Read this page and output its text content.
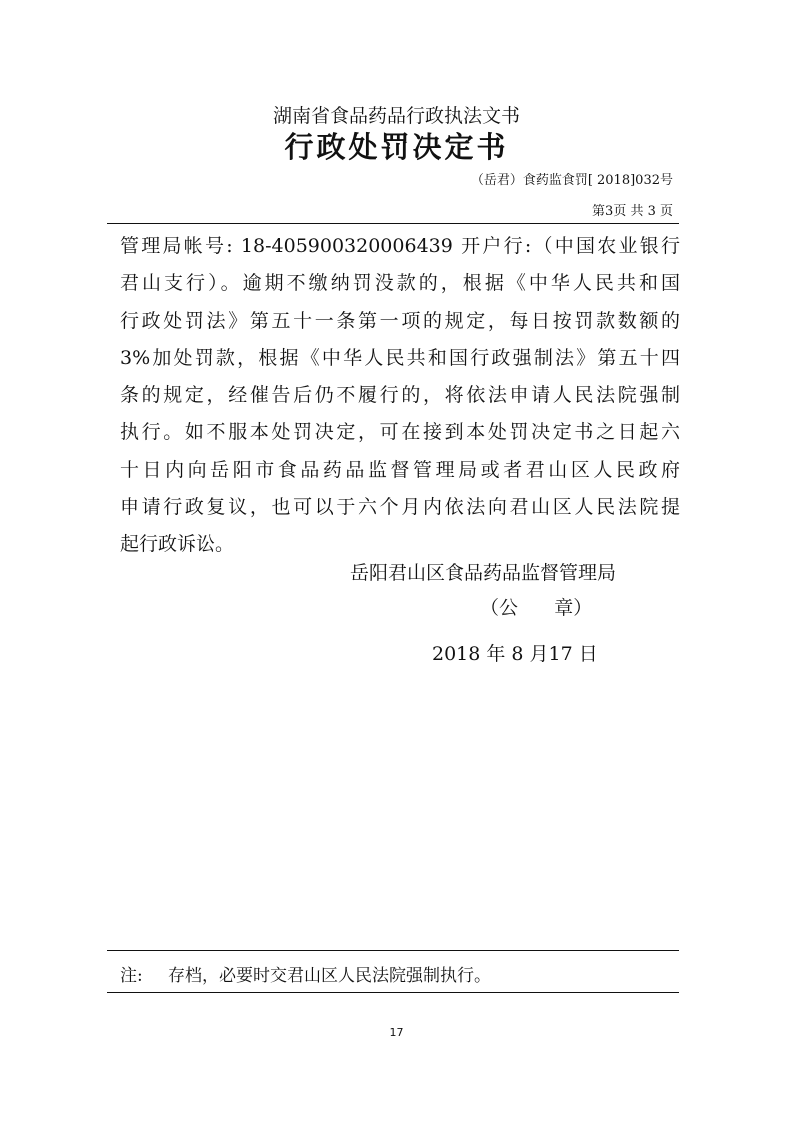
湖南省食品药品行政执法文书
行政处罚决定书
（岳君）食药监食罚[ 2018]032号
第3页 共 3 页
管理局帐号: 18-405900320006439 开户行:（中国农业银行
君山支行）。逾期不缴纳罚没款的，根据《中华人民共和国
行政处罚法》第五十一条第一项的规定，每日按罚款数额的
3%加处罚款，根据《中华人民共和国行政强制法》第五十四
条的规定，经催告后仍不履行的，将依法申请人民法院强制
执行。如不服本处罚决定，可在接到本处罚决定书之日起六
十日内向岳阳市食品药品监督管理局或者君山区人民政府
申请行政复议，也可以于六个月内依法向君山区人民法院提
起行政诉讼。
岳阳君山区食品药品监督管理局
（公      章）
2018 年 8 月17 日
注: 存档，必要时交君山区人民法院强制执行。
17
